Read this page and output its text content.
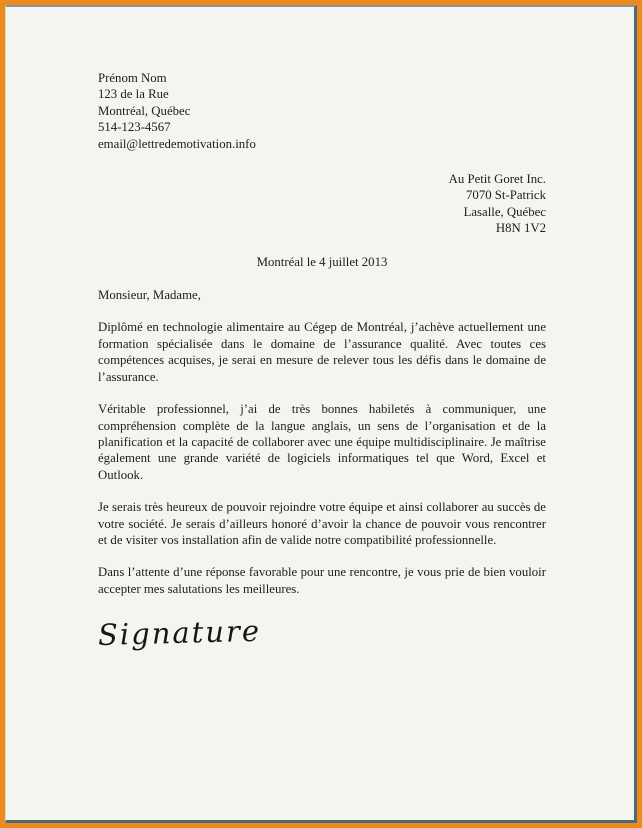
Prénom Nom
123 de la Rue
Montréal, Québec
514-123-4567
email@lettredemotivation.info
Au Petit Goret Inc.
7070 St-Patrick
Lasalle, Québec
H8N 1V2
Montréal le 4 juillet 2013
Monsieur, Madame,
Diplômé en technologie alimentaire au Cégep de Montréal, j’achève actuellement une formation spécialisée dans le domaine de l’assurance qualité. Avec toutes ces compétences acquises, je serai en mesure de relever tous les défis dans le domaine de l’assurance.
Véritable professionnel, j’ai de très bonnes habiletés à communiquer, une compréhension complète de la langue anglais, un sens de l’organisation et de la planification et la capacité de collaborer avec une équipe multidisciplinaire. Je maîtrise également une grande variété de logiciels informatiques tel que Word, Excel et Outlook.
Je serais très heureux de pouvoir rejoindre votre équipe et ainsi collaborer au succès de votre société. Je serais d’ailleurs honoré d’avoir la chance de pouvoir vous rencontrer et de visiter vos installation afin de valide notre compatibilité professionnelle.
Dans l’attente d’une réponse favorable pour une rencontre, je vous prie de bien vouloir accepter mes salutations les meilleures.
Signature
